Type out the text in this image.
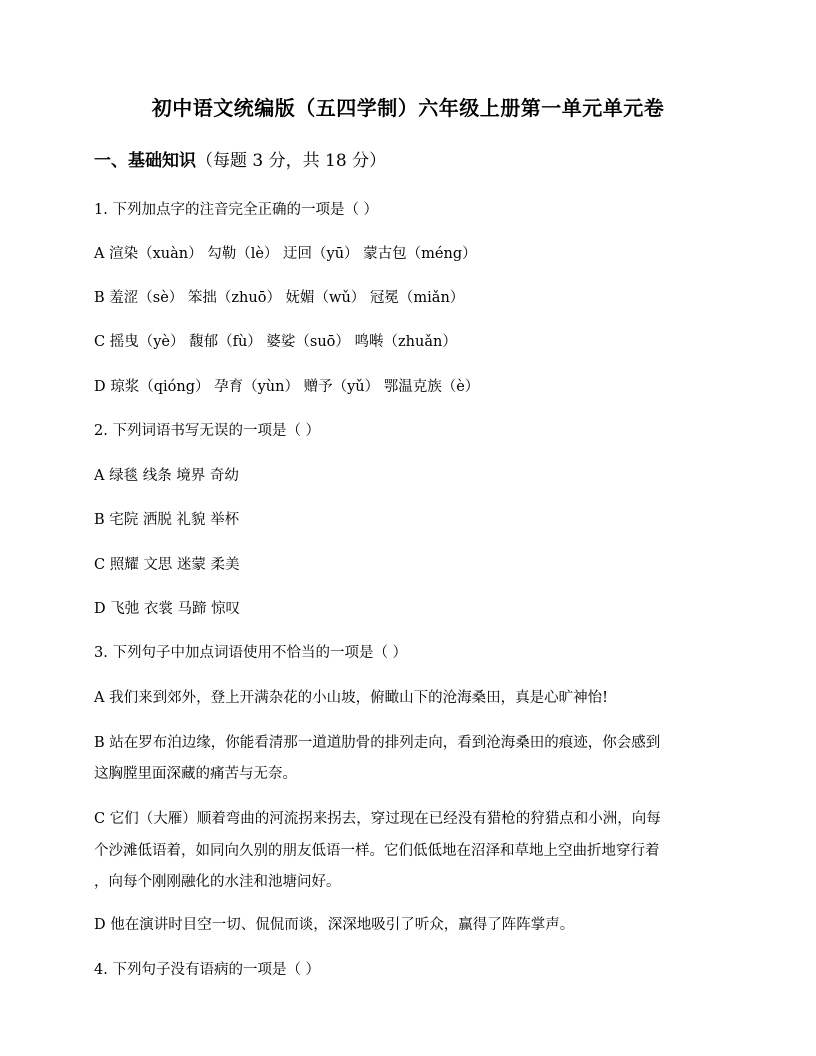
初中语文统编版（五四学制）六年级上册第一单元单元卷
一、基础知识（每题 3 分，共 18 分）
1. 下列加点字的注音完全正确的一项是（ ）
A 渲染（xuàn） 勾勒（lè） 迂回（yū） 蒙古包（méng）
B 羞涩（sè） 笨拙（zhuō） 妩媚（wǔ） 冠冕（miǎn）
C 摇曳（yè） 馥郁（fù） 婆娑（suō） 鸣啭（zhuǎn）
D 琼浆（qióng） 孕育（yùn） 赠予（yǔ） 鄂温克族（è）
2. 下列词语书写无误的一项是（ ）
A 绿毯 线条 境界 奇幼
B 宅院 洒脱 礼貌 举杯
C 照耀 文思 迷蒙 柔美
D 飞弛 衣裳 马蹄 惊叹
3. 下列句子中加点词语使用不恰当的一项是（ ）
A 我们来到郊外，登上开满杂花的小山坡，俯瞰山下的沧海桑田，真是心旷神怡!
B 站在罗布泊边缘，你能看清那一道道肋骨的排列走向，看到沧海桑田的痕迹，你会感到
这胸膛里面深藏的痛苦与无奈。
C 它们（大雁）顺着弯曲的河流拐来拐去，穿过现在已经没有猎枪的狩猎点和小洲，向每
个沙滩低语着，如同向久别的朋友低语一样。它们低低地在沼泽和草地上空曲折地穿行着
，向每个刚刚融化的水洼和池塘问好。
D 他在演讲时目空一切、侃侃而谈，深深地吸引了听众，赢得了阵阵掌声。
4. 下列句子没有语病的一项是（ ）
